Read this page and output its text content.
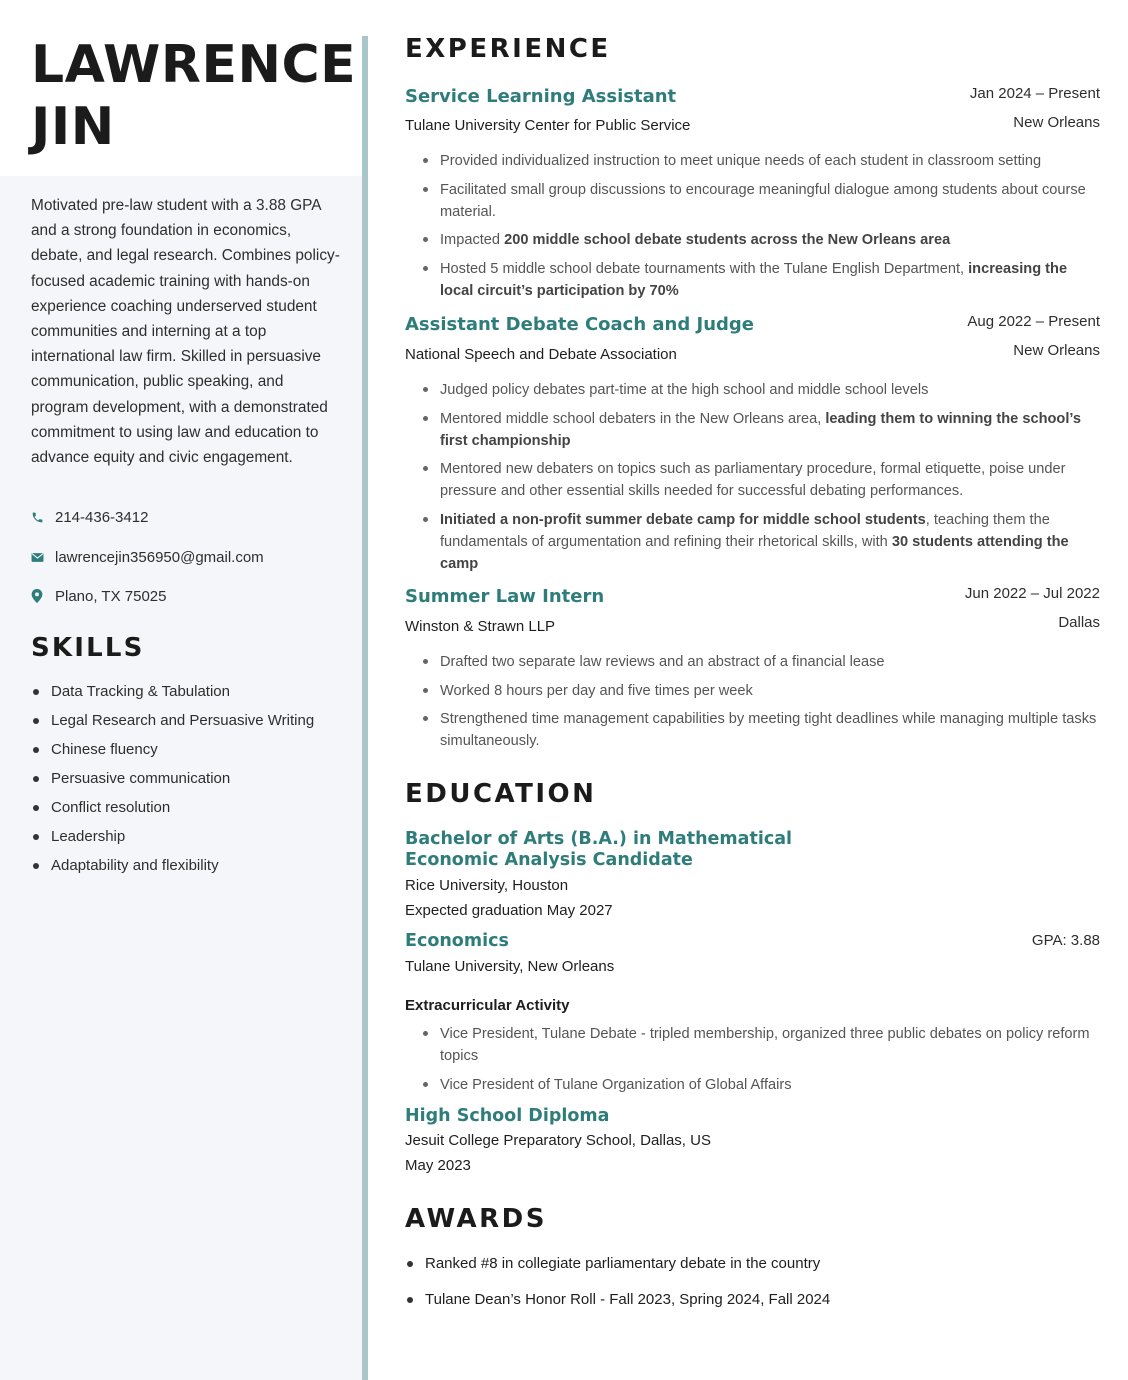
LAWRENCE
JIN

Motivated pre-law student with a 3.88 GPA and a strong foundation in economics, debate, and legal research. Combines policy-focused academic training with hands-on experience coaching underserved student communities and interning at a top international law firm. Skilled in persuasive communication, public speaking, and program development, with a demonstrated commitment to using law and education to advance equity and civic engagement.

214-436-3412
lawrencejin356950@gmail.com
Plano, TX 75025
SKILLS
Data Tracking & Tabulation
Legal Research and Persuasive Writing
Chinese fluency
Persuasive communication
Conflict resolution
Leadership
Adaptability and flexibility
EXPERIENCE
Service Learning Assistant	Jan 2024 – Present
Tulane University Center for Public Service	New Orleans
Provided individualized instruction to meet unique needs of each student in classroom setting
Facilitated small group discussions to encourage meaningful dialogue among students about course material.
Impacted 200 middle school debate students across the New Orleans area
Hosted 5 middle school debate tournaments with the Tulane English Department, increasing the local circuit’s participation by 70%
Assistant Debate Coach and Judge	Aug 2022 – Present
National Speech and Debate Association	New Orleans
Judged policy debates part-time at the high school and middle school levels
Mentored middle school debaters in the New Orleans area, leading them to winning the school’s first championship
Mentored new debaters on topics such as parliamentary procedure, formal etiquette, poise under pressure and other essential skills needed for successful debating performances.
Initiated a non-profit summer debate camp for middle school students, teaching them the fundamentals of argumentation and refining their rhetorical skills, with 30 students attending the camp
Summer Law Intern	Jun 2022 – Jul 2022
Winston & Strawn LLP	Dallas
Drafted two separate law reviews and an abstract of a financial lease
Worked 8 hours per day and five times per week
Strengthened time management capabilities by meeting tight deadlines while managing multiple tasks simultaneously.
EDUCATION
Bachelor of Arts (B.A.) in Mathematical Economic Analysis Candidate
Rice University, Houston
Expected graduation May 2027
Economics	GPA: 3.88
Tulane University, New Orleans
Extracurricular Activity
Vice President, Tulane Debate - tripled membership, organized three public debates on policy reform topics
Vice President of Tulane Organization of Global Affairs
High School Diploma
Jesuit College Preparatory School, Dallas, US
May 2023
AWARDS
Ranked #8 in collegiate parliamentary debate in the country
Tulane Dean’s Honor Roll - Fall 2023, Spring 2024, Fall 2024
